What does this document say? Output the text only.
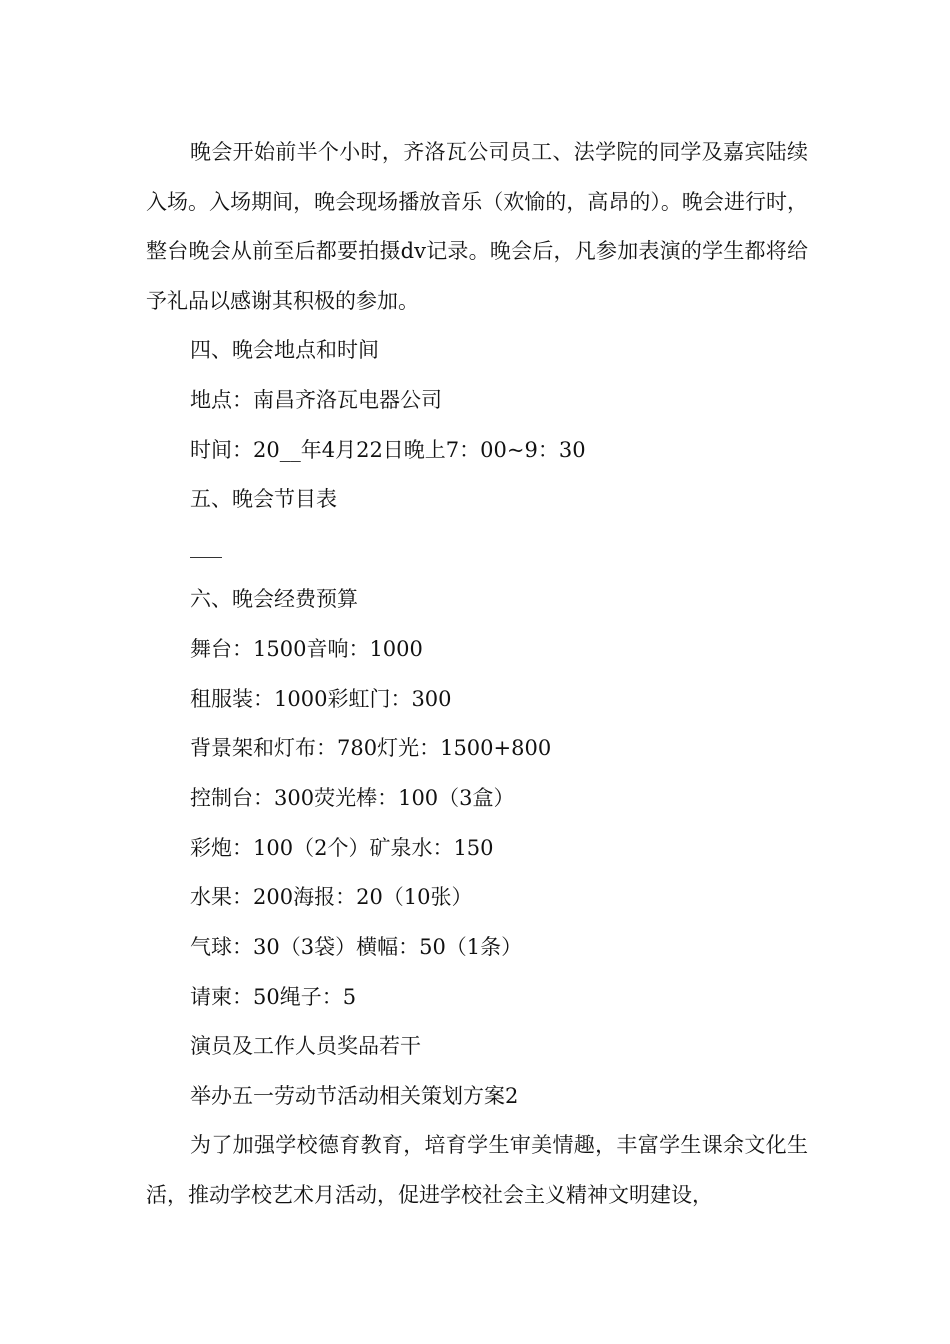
晚会开始前半个小时，齐洛瓦公司员工、法学院的同学及嘉宾陆续入场。入场期间，晚会现场播放音乐（欢愉的，高昂的）。晚会进行时，整台晚会从前至后都要拍摄dv记录。晚会后，凡参加表演的学生都将给予礼品以感谢其积极的参加。

四、晚会地点和时间

地点：南昌齐洛瓦电器公司

时间：20__年4月22日晚上7：00~9：30

五、晚会节目表

六、晚会经费预算

舞台：1500音响：1000

租服装：1000彩虹门：300

背景架和灯布：780灯光：1500+800

控制台：300荧光棒：100（3盒）

彩炮：100（2个）矿泉水：150

水果：200海报：20（10张）

气球：30（3袋）横幅：50（1条）

请柬：50绳子：5

演员及工作人员奖品若干

举办五一劳动节活动相关策划方案2

为了加强学校德育教育，培育学生审美情趣，丰富学生课余文化生活，推动学校艺术月活动，促进学校社会主义精神文明建设，
